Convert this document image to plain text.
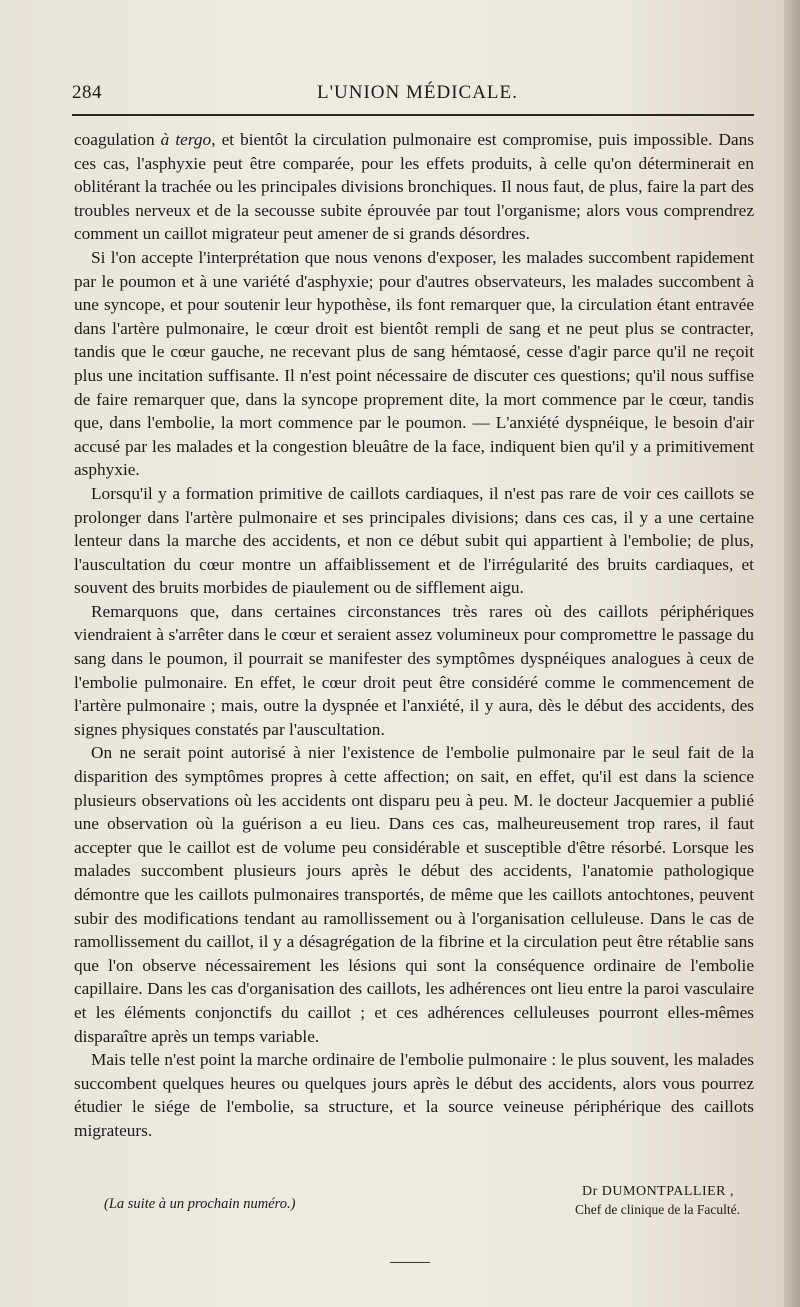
284	L'UNION MÉDICALE.

coagulation à tergo, et bientôt la circulation pulmonaire est compromise, puis impossible. Dans ces cas, l'asphyxie peut être comparée, pour les effets produits, à celle qu'on déterminerait en oblitérant la trachée ou les principales divisions bronchiques. Il nous faut, de plus, faire la part des troubles nerveux et de la secousse subite éprouvée par tout l'organisme; alors vous comprendrez comment un caillot migrateur peut amener de si grands désordres.

Si l'on accepte l'interprétation que nous venons d'exposer, les malades succombent rapidement par le poumon et à une variété d'asphyxie; pour d'autres observateurs, les malades succombent à une syncope, et pour soutenir leur hypothèse, ils font remarquer que, la circulation étant entravée dans l'artère pulmonaire, le cœur droit est bientôt rempli de sang et ne peut plus se contracter, tandis que le cœur gauche, ne recevant plus de sang hémtaosé, cesse d'agir parce qu'il ne reçoit plus une incitation suffisante. Il n'est point nécessaire de discuter ces questions; qu'il nous suffise de faire remarquer que, dans la syncope proprement dite, la mort commence par le cœur, tandis que, dans l'embolie, la mort commence par le poumon. — L'anxiété dyspnéique, le besoin d'air accusé par les malades et la congestion bleuâtre de la face, indiquent bien qu'il y a primitivement asphyxie.

Lorsqu'il y a formation primitive de caillots cardiaques, il n'est pas rare de voir ces caillots se prolonger dans l'artère pulmonaire et ses principales divisions; dans ces cas, il y a une certaine lenteur dans la marche des accidents, et non ce début subit qui appartient à l'embolie; de plus, l'auscultation du cœur montre un affaiblissement et de l'irrégularité des bruits cardiaques, et souvent des bruits morbides de piaulement ou de sifflement aigu.

Remarquons que, dans certaines circonstances très rares où des caillots périphériques viendraient à s'arrêter dans le cœur et seraient assez volumineux pour compromettre le passage du sang dans le poumon, il pourrait se manifester des symptômes dyspnéiques analogues à ceux de l'embolie pulmonaire. En effet, le cœur droit peut être considéré comme le commencement de l'artère pulmonaire ; mais, outre la dyspnée et l'anxiété, il y aura, dès le début des accidents, des signes physiques constatés par l'auscultation.

On ne serait point autorisé à nier l'existence de l'embolie pulmonaire par le seul fait de la disparition des symptômes propres à cette affection; on sait, en effet, qu'il est dans la science plusieurs observations où les accidents ont disparu peu à peu. M. le docteur Jacquemier a publié une observation où la guérison a eu lieu. Dans ces cas, malheureusement trop rares, il faut accepter que le caillot est de volume peu considérable et susceptible d'être résorbé. Lorsque les malades succombent plusieurs jours après le début des accidents, l'anatomie pathologique démontre que les caillots pulmonaires transportés, de même que les caillots antochtones, peuvent subir des modifications tendant au ramollissement ou à l'organisation celluleuse. Dans le cas de ramollissement du caillot, il y a désagrégation de la fibrine et la circulation peut être rétablie sans que l'on observe nécessairement les lésions qui sont la conséquence ordinaire de l'embolie capillaire. Dans les cas d'organisation des caillots, les adhérences ont lieu entre la paroi vasculaire et les éléments conjonctifs du caillot ; et ces adhérences celluleuses pourront elles-mêmes disparaître après un temps variable.

Mais telle n'est point la marche ordinaire de l'embolie pulmonaire : le plus souvent, les malades succombent quelques heures ou quelques jours après le début des accidents, alors vous pourrez étudier le siége de l'embolie, sa structure, et la source veineuse périphérique des caillots migrateurs.

(La suite à un prochain numéro.)
Dr DUMONTPALLIER ,
Chef de clinique de la Faculté.
